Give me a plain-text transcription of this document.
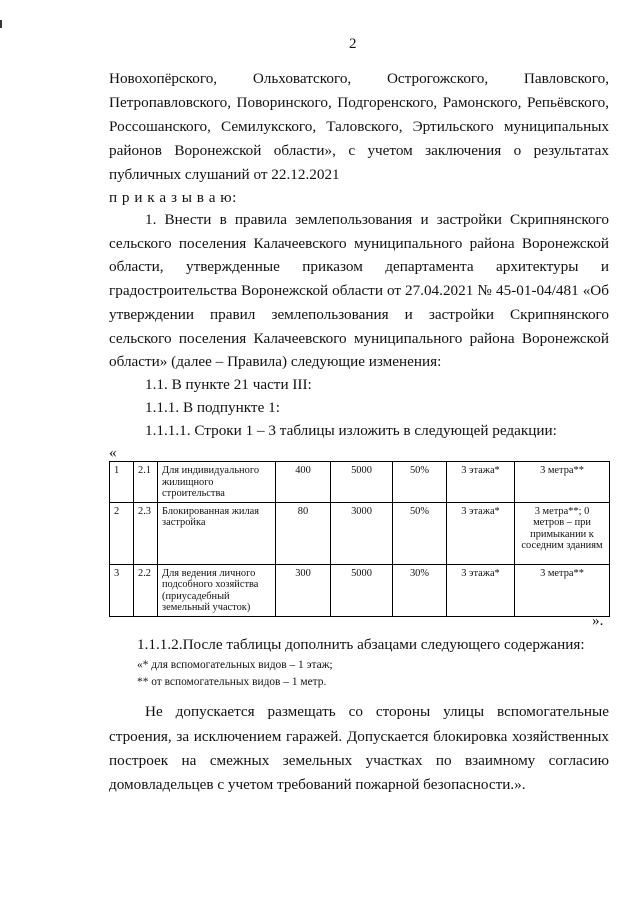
2
Новохопёрского, Ольховатского, Острогожского, Павловского,
Петропавловского, Поворинского, Подгоренского, Рамонского, Репьёвского,
Россошанского, Семилукского, Таловского, Эртильского муниципальных
районов Воронежской области», с учетом заключения о результатах
публичных слушаний от 22.12.2021
п р и к а з ы в а ю:
1. Внести в правила землепользования и застройки Скрипнянского
сельского поселения Калачеевского муниципального района Воронежской
области, утвержденные приказом департамента архитектуры и
градостроительства Воронежской области от 27.04.2021 № 45-01-04/481 «Об
утверждении правил землепользования и застройки Скрипнянского
сельского поселения Калачеевского муниципального района Воронежской
области» (далее – Правила) следующие изменения:
1.1. В пункте 21 части III:
1.1.1. В подпункте 1:
1.1.1.1. Строки 1 – 3 таблицы изложить в следующей редакции:
«
1	2.1	Для индивидуального жилищного строительства	400	5000	50%	3 этажа*	3 метра**
2	2.3	Блокированная жилая застройка	80	3000	50%	3 этажа*	3 метра**; 0 метров – при примыкании к соседним зданиям
3	2.2	Для ведения личного подсобного хозяйства (приусадебный земельный участок)	300	5000	30%	3 этажа*	3 метра**
».
1.1.1.2.После таблицы дополнить абзацами следующего содержания:
«* для вспомогательных видов – 1 этаж;
** от вспомогательных видов – 1 метр.
Не допускается размещать со стороны улицы вспомогательные
строения, за исключением гаражей. Допускается блокировка хозяйственных
построек на смежных земельных участках по взаимному согласию
домовладельцев с учетом требований пожарной безопасности.».
